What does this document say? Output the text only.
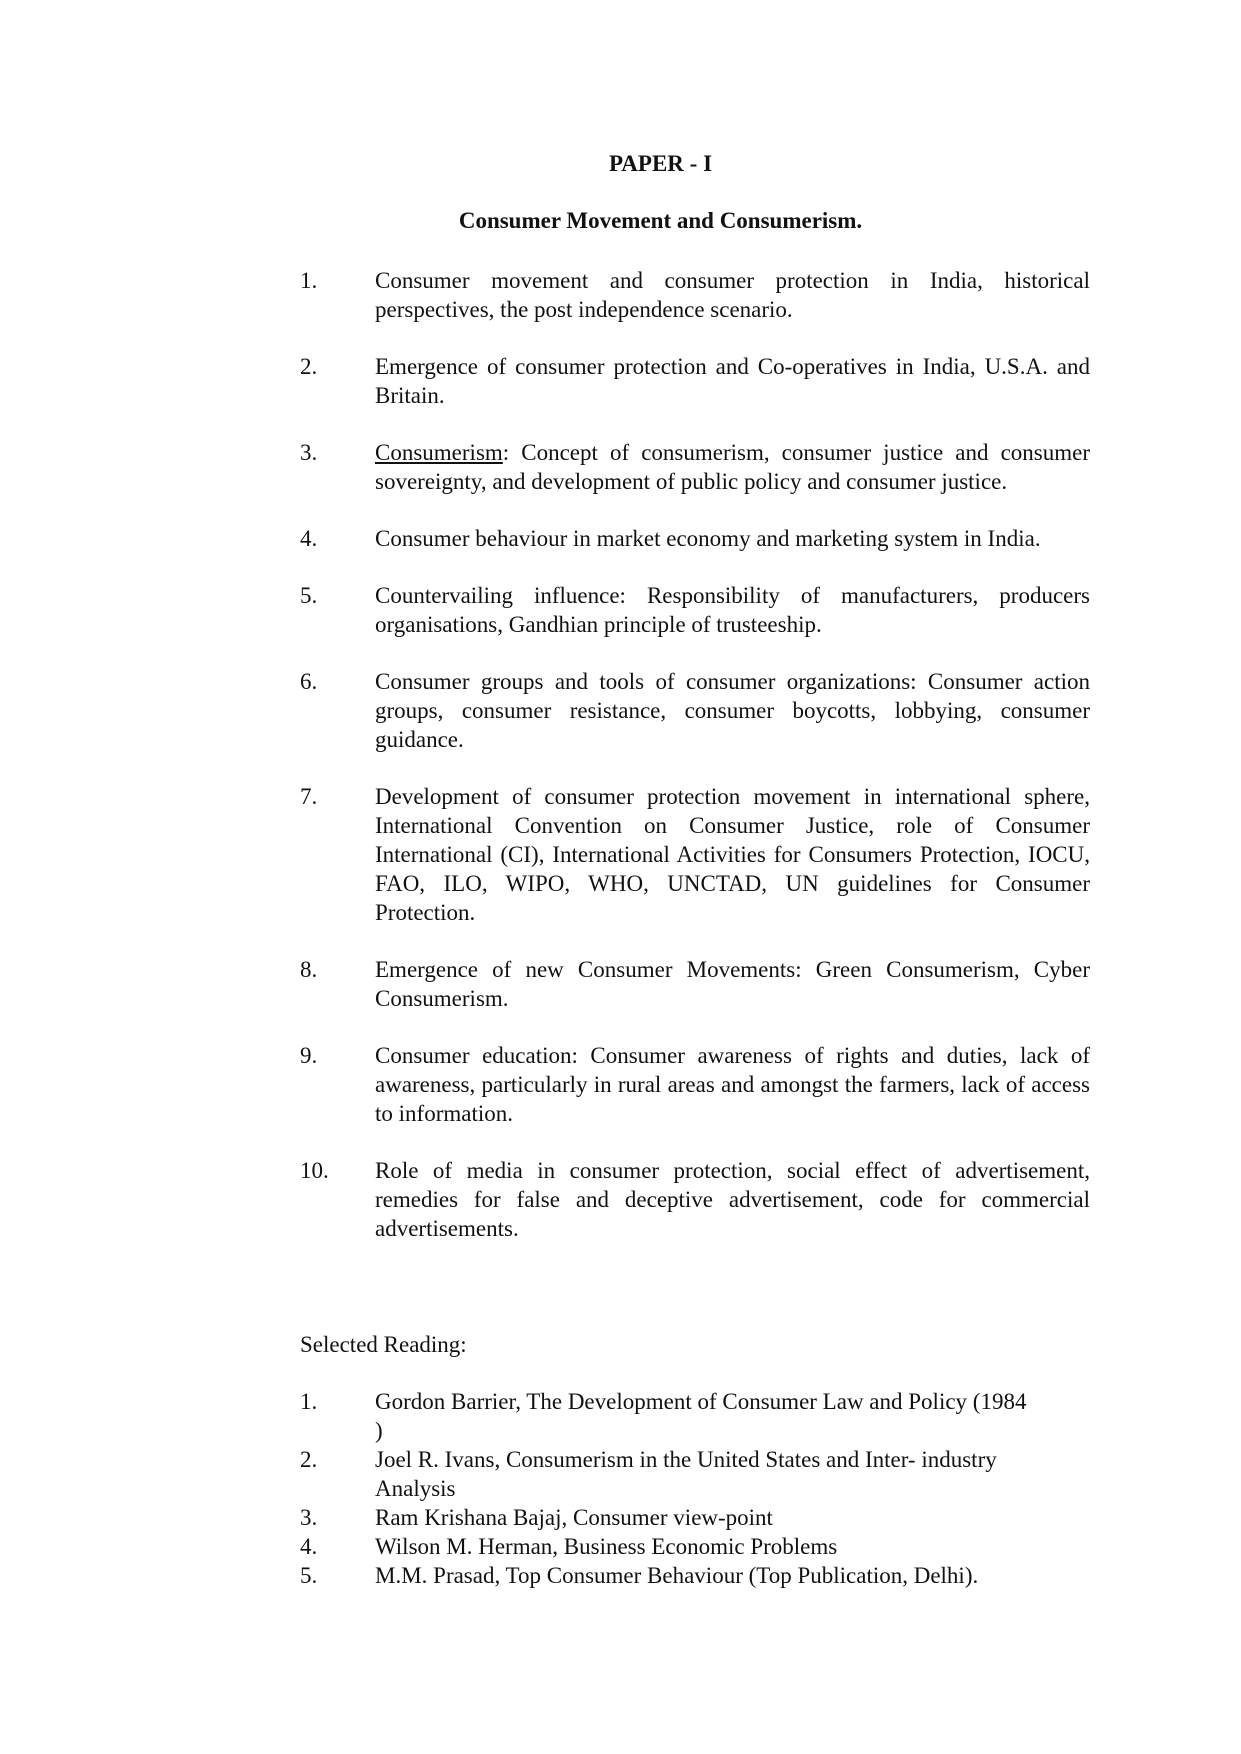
PAPER - I
Consumer Movement and Consumerism.
1.	Consumer movement and consumer protection in India, historical perspectives, the post independence scenario.
2.	Emergence of consumer protection and Co-operatives in India, U.S.A. and Britain.
3.	Consumerism: Concept of consumerism, consumer justice and consumer sovereignty, and development of public policy and consumer justice.
4.	Consumer behaviour in market economy and marketing system in India.
5.	Countervailing influence: Responsibility of manufacturers, producers organisations, Gandhian principle of trusteeship.
6.	Consumer groups and tools of consumer organizations: Consumer action groups, consumer resistance, consumer boycotts, lobbying, consumer guidance.
7.	Development of consumer protection movement in international sphere, International Convention on Consumer Justice, role of Consumer International (CI), International Activities for Consumers Protection, IOCU, FAO, ILO, WIPO, WHO, UNCTAD, UN guidelines for Consumer Protection.
8.	Emergence of new Consumer Movements: Green Consumerism, Cyber Consumerism.
9.	Consumer education: Consumer awareness of rights and duties, lack of awareness, particularly in rural areas and amongst the farmers, lack of access to information.
10.	Role of media in consumer protection, social effect of advertisement, remedies for false and deceptive advertisement, code for commercial advertisements.

Selected Reading:

1.	Gordon Barrier, The Development of Consumer Law and Policy (1984 )
2.	Joel R. Ivans, Consumerism in the United States and Inter- industry Analysis
3.	Ram Krishana Bajaj, Consumer view-point
4.	Wilson M. Herman, Business Economic Problems
5.	M.M. Prasad, Top Consumer Behaviour (Top Publication, Delhi).
